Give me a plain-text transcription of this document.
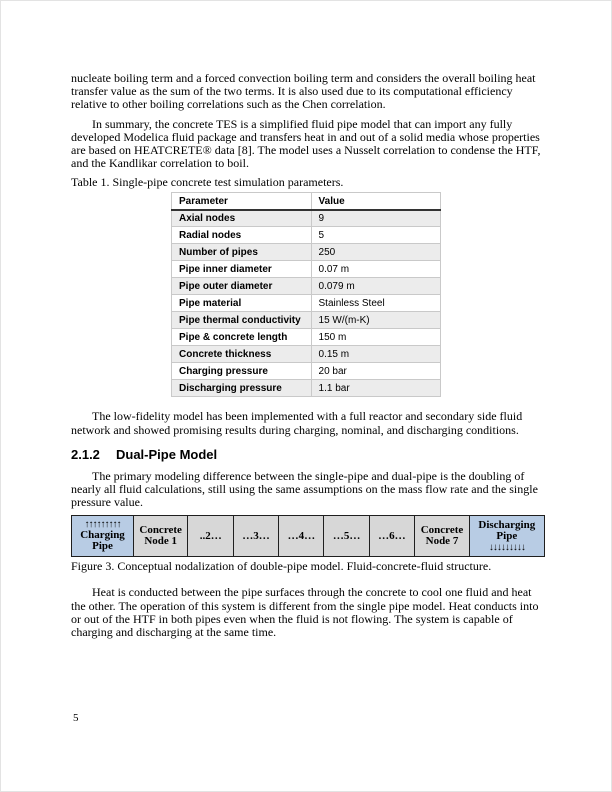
nucleate boiling term and a forced convection boiling term and considers the overall boiling heat transfer value as the sum of the two terms. It is also used due to its computational efficiency relative to other boiling correlations such as the Chen correlation.

In summary, the concrete TES is a simplified fluid pipe model that can import any fully developed Modelica fluid package and transfers heat in and out of a solid media whose properties are based on HEATCRETE® data [8]. The model uses a Nusselt correlation to condense the HTF, and the Kandlikar correlation to boil.

Table 1. Single-pipe concrete test simulation parameters.

Parameter	Value
Axial nodes	9
Radial nodes	5
Number of pipes	250
Pipe inner diameter	0.07 m
Pipe outer diameter	0.079 m
Pipe material	Stainless Steel
Pipe thermal conductivity	15 W/(m-K)
Pipe & concrete length	150 m
Concrete thickness	0.15 m
Charging pressure	20 bar
Discharging pressure	1.1 bar

The low-fidelity model has been implemented with a full reactor and secondary side fluid network and showed promising results during charging, nominal, and discharging conditions.

2.1.2	Dual-Pipe Model

The primary modeling difference between the single-pipe and dual-pipe is the doubling of nearly all fluid calculations, still using the same assumptions on the mass flow rate and the single pressure value.

↑↑↑↑↑↑↑↑↑
Charging
Pipe
Concrete
Node 1 ..2… …3… …4… …5… …6… Concrete
Node 7
Discharging
Pipe
↓↓↓↓↓↓↓↓↓

Figure 3. Conceptual nodalization of double-pipe model. Fluid-concrete-fluid structure.

Heat is conducted between the pipe surfaces through the concrete to cool one fluid and heat the other. The operation of this system is different from the single pipe model. Heat conducts into or out of the HTF in both pipes even when the fluid is not flowing. The system is capable of charging and discharging at the same time.

5
